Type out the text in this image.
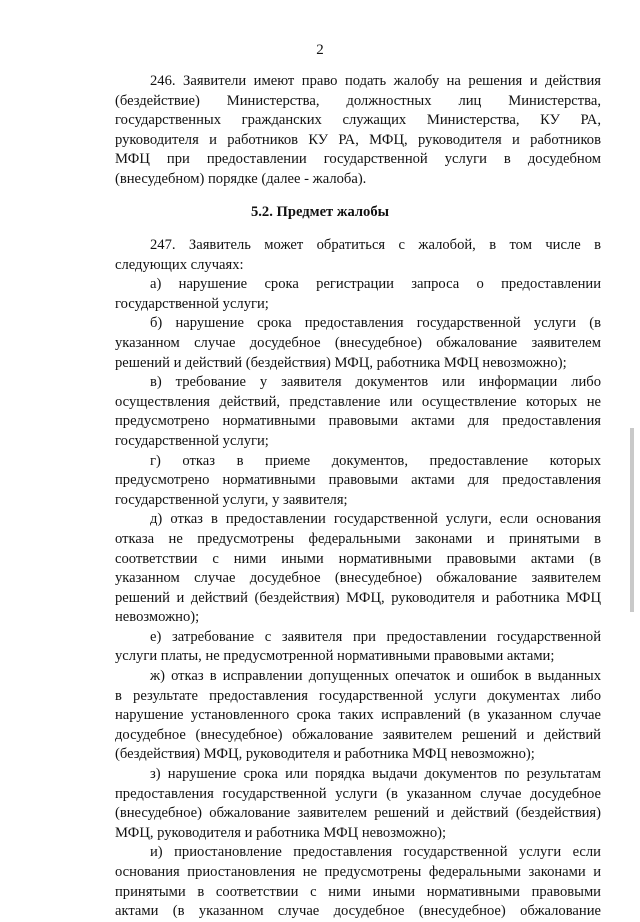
2
246. Заявители имеют право подать жалобу на решения и действия
(бездействие) Министерства, должностных лиц Министерства,
государственных гражданских служащих Министерства, КУ РА,
руководителя и работников КУ РА, МФЦ, руководителя и работников
МФЦ при предоставлении государственной услуги в досудебном
(внесудебном) порядке (далее - жалоба).
5.2. Предмет жалобы
247. Заявитель может обратиться с жалобой, в том числе в
следующих случаях:
а) нарушение срока регистрации запроса о предоставлении
государственной услуги;
б) нарушение срока предоставления государственной услуги (в
указанном случае досудебное (внесудебное) обжалование заявителем
решений и действий (бездействия) МФЦ, работника МФЦ невозможно);
в) требование у заявителя документов или информации либо
осуществления действий, представление или осуществление которых не
предусмотрено нормативными правовыми актами для предоставления
государственной услуги;
г) отказ в приеме документов, предоставление которых
предусмотрено нормативными правовыми актами для предоставления
государственной услуги, у заявителя;
д) отказ в предоставлении государственной услуги, если основания
отказа не предусмотрены федеральными законами и принятыми в
соответствии с ними иными нормативными правовыми актами (в
указанном случае досудебное (внесудебное) обжалование заявителем
решений и действий (бездействия) МФЦ, руководителя и работника МФЦ
невозможно);
е) затребование с заявителя при предоставлении государственной
услуги платы, не предусмотренной нормативными правовыми актами;
ж) отказ в исправлении допущенных опечаток и ошибок в выданных
в результате предоставления государственной услуги документах либо
нарушение установленного срока таких исправлений (в указанном случае
досудебное (внесудебное) обжалование заявителем решений и действий
(бездействия) МФЦ, руководителя и работника МФЦ невозможно);
з) нарушение срока или порядка выдачи документов по результатам
предоставления государственной услуги (в указанном случае досудебное
(внесудебное) обжалование заявителем решений и действий (бездействия)
МФЦ, руководителя и работника МФЦ невозможно);
и) приостановление предоставления государственной услуги если
основания приостановления не предусмотрены федеральными законами и
принятыми в соответствии с ними иными нормативными правовыми
актами (в указанном случае досудебное (внесудебное) обжалование
